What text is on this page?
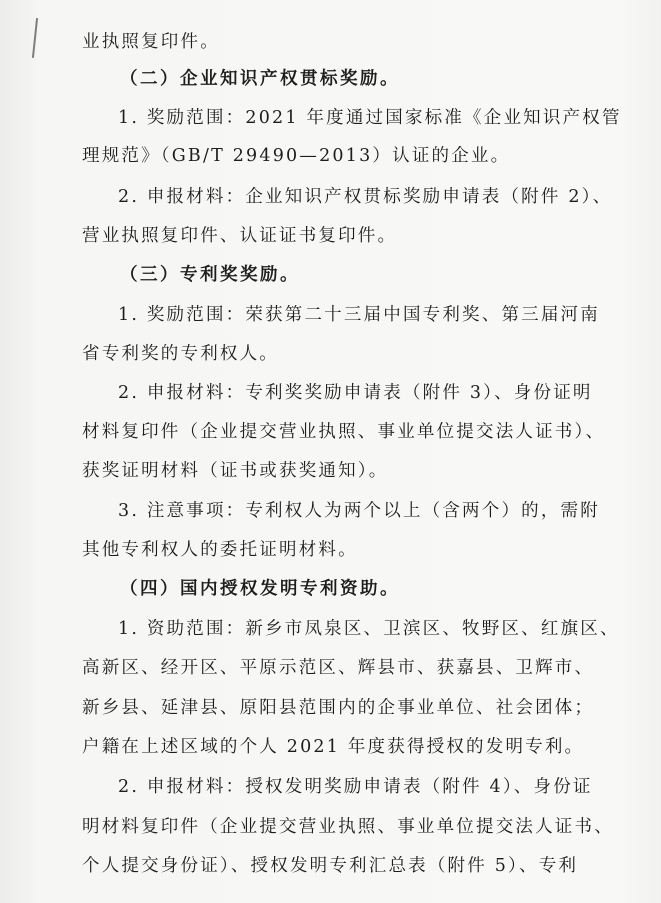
业执照复印件。
（二）企业知识产权贯标奖励。
1. 奖励范围：2021 年度通过国家标准《企业知识产权管
理规范》（GB/T 29490—2013）认证的企业。
2. 申报材料：企业知识产权贯标奖励申请表（附件 2）、
营业执照复印件、认证证书复印件。
（三）专利奖奖励。
1. 奖励范围：荣获第二十三届中国专利奖、第三届河南
省专利奖的专利权人。
2. 申报材料：专利奖奖励申请表（附件 3）、身份证明
材料复印件（企业提交营业执照、事业单位提交法人证书）、
获奖证明材料（证书或获奖通知）。
3. 注意事项：专利权人为两个以上（含两个）的，需附
其他专利权人的委托证明材料。
（四）国内授权发明专利资助。
1. 资助范围：新乡市凤泉区、卫滨区、牧野区、红旗区、
高新区、经开区、平原示范区、辉县市、获嘉县、卫辉市、
新乡县、延津县、原阳县范围内的企事业单位、社会团体；
户籍在上述区域的个人 2021 年度获得授权的发明专利。
2. 申报材料：授权发明奖励申请表（附件 4）、身份证
明材料复印件（企业提交营业执照、事业单位提交法人证书、
个人提交身份证）、授权发明专利汇总表（附件 5）、专利
